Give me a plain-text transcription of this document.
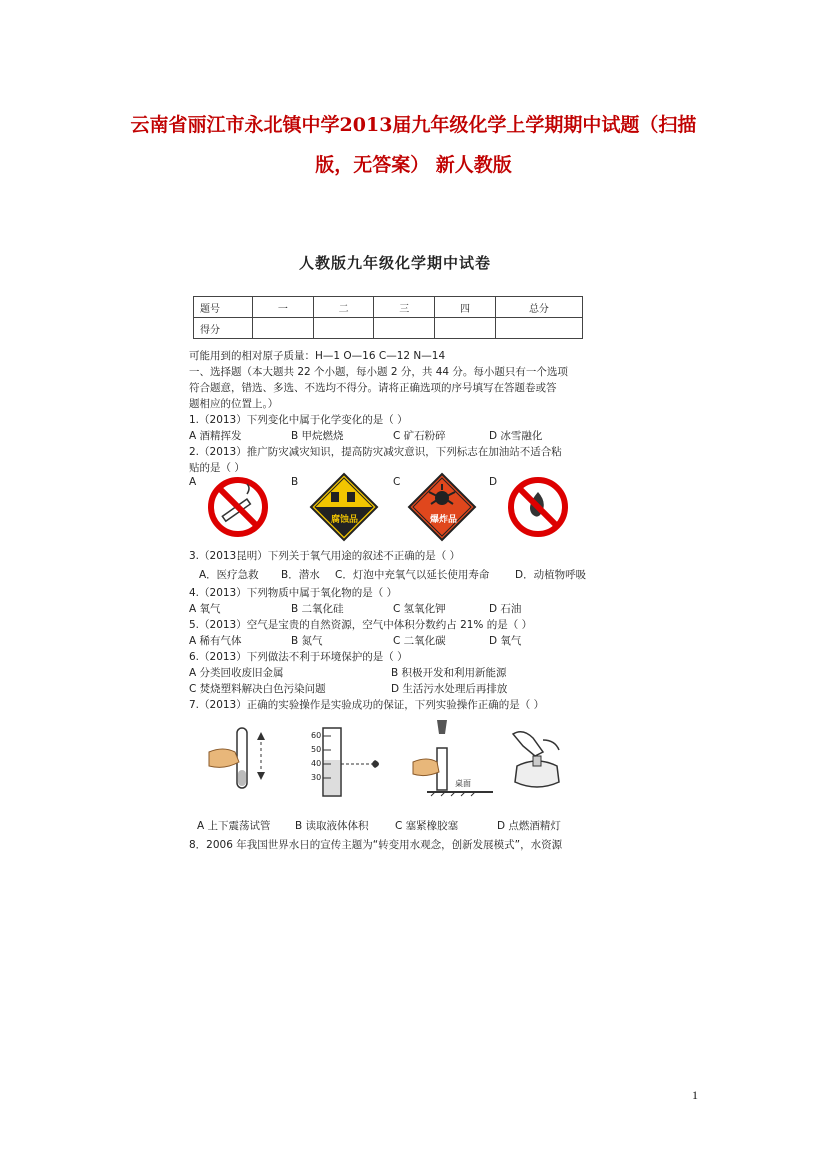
云南省丽江市永北镇中学2013届九年级化学上学期期中试题（扫描
版，无答案） 新人教版
人教版九年级化学期中试卷
题号	一	二	三	四	总分
得分					
可能用到的相对原子质量：H—1 O—16 C—12 N—14
一、选择题（本大题共 22 个小题，每小题 2 分，共 44 分。每小题只有一个选项
符合题意，错选、多选、不选均不得分。请将正确选项的序号填写在答题卷或答
题相应的位置上。）
1.（2013）下列变化中属于化学变化的是（ ）
A 酒精挥发	B 甲烷燃烧	C 矿石粉碎	D 冰雪融化
2.（2013）推广防灾减灾知识，提高防灾减灾意识，下列标志在加油站不适合粘
贴的是（ ）
A	B	C	D
腐蚀品	爆炸品
3.（2013昆明）下列关于氧气用途的叙述不正确的是（ ）
A．医疗急救 B．潜水 C．灯泡中充氧气以延长使用寿命 D．动植物呼吸
4.（2013）下列物质中属于氧化物的是（ ）
A 氧气	B 二氧化硅	C 氢氧化钾	D 石油
5.（2013）空气是宝贵的自然资源，空气中体积分数约占 21% 的是（ ）
A 稀有气体	B 氮气	C 二氧化碳	D 氧气
6.（2013）下列做法不利于环境保护的是（ ）
A 分类回收废旧金属	B 积极开发和利用新能源
C 焚烧塑料解决白色污染问题	D 生活污水处理后再排放
7.（2013）正确的实验操作是实验成功的保证，下列实验操作正确的是（ ）
60
50
40
30
桌面
A 上下震荡试管 B 读取液体体积	C 塞紧橡胶塞	D 点燃酒精灯
8．2006 年我国世界水日的宣传主题为“转变用水观念，创新发展模式”，水资源
1
